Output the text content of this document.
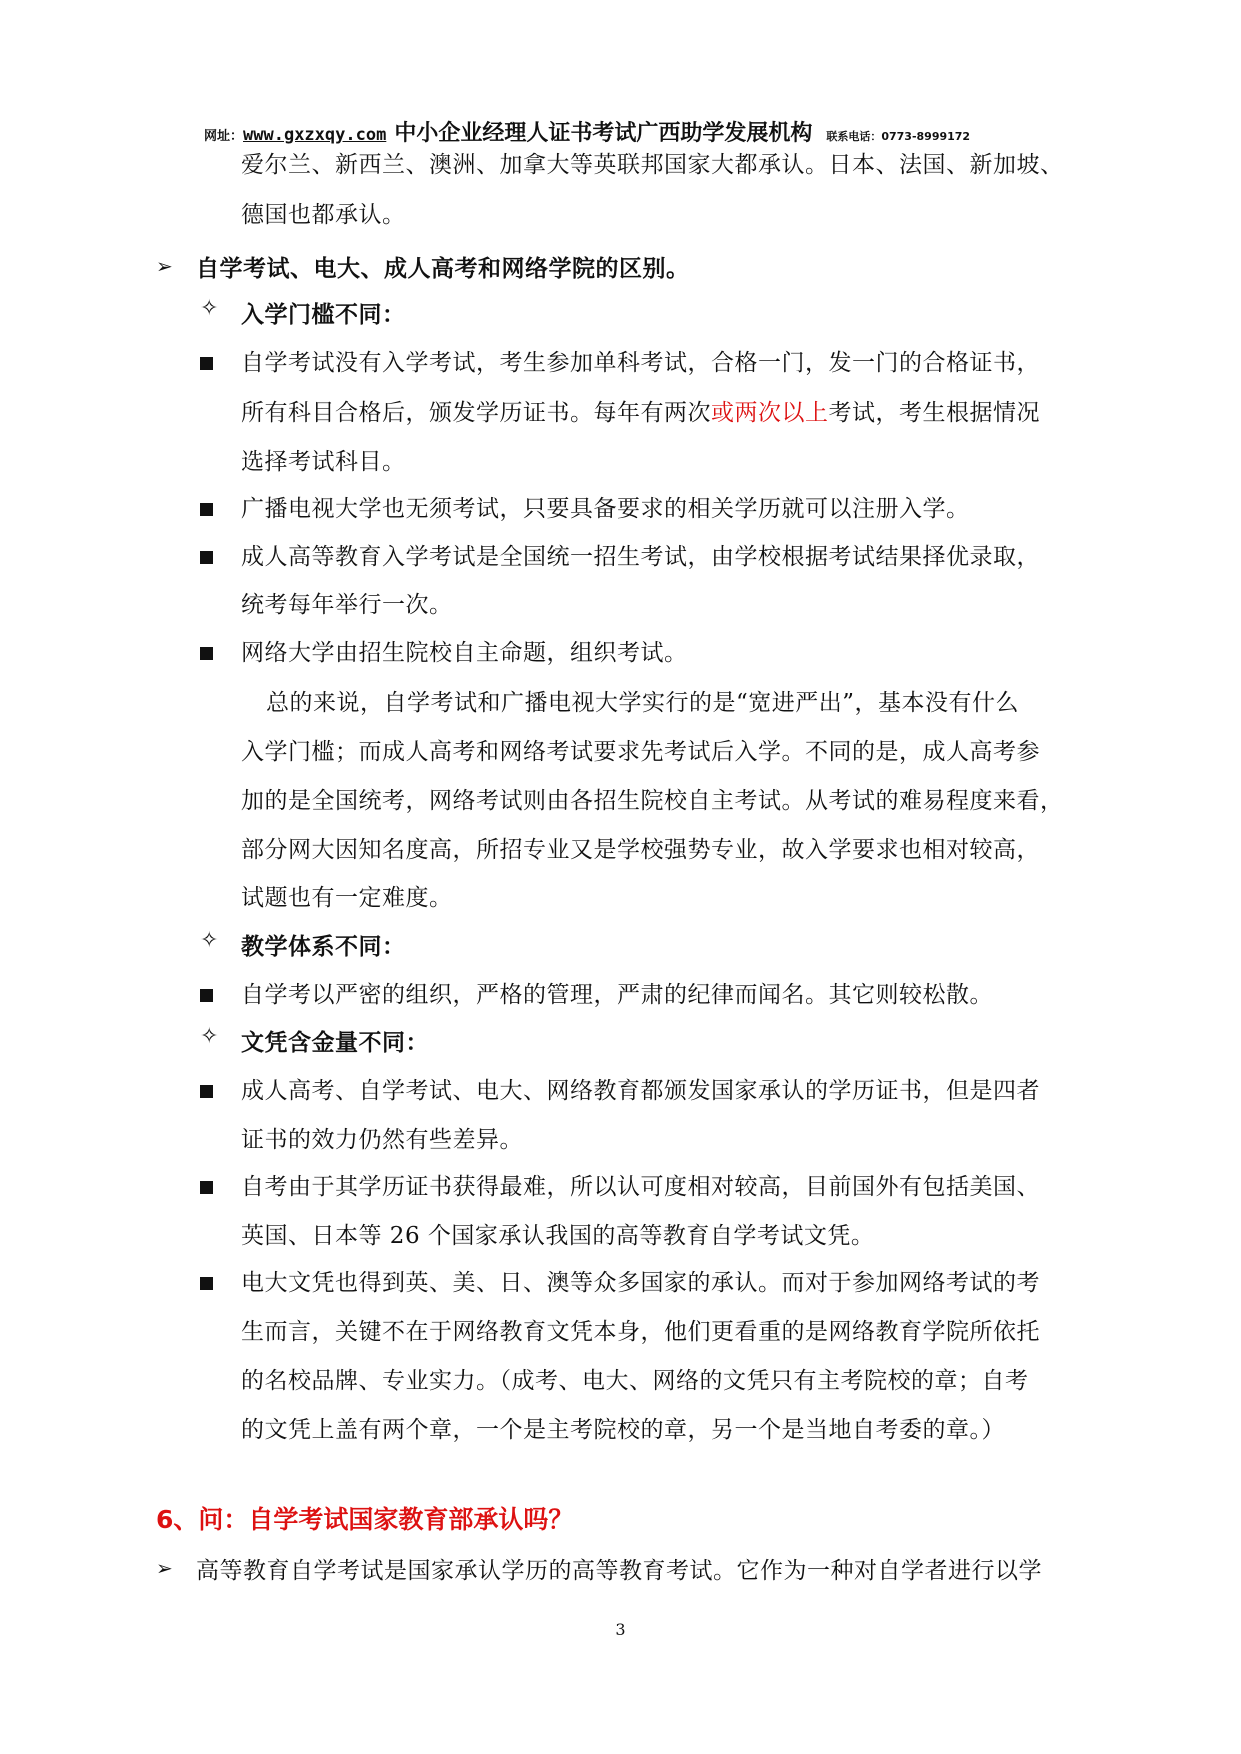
网址：www.gxzxqy.com 中小企业经理人证书考试广西助学发展机构 联系电话：0773-8999172
爱尔兰、新西兰、澳洲、加拿大等英联邦国家大都承认。日本、法国、新加坡、
德国也都承认。
➢ 自学考试、电大、成人高考和网络学院的区别。
✧ 入学门槛不同：
自学考试没有入学考试，考生参加单科考试，合格一门，发一门的合格证书，
所有科目合格后，颁发学历证书。每年有两次或两次以上考试，考生根据情况
选择考试科目。
广播电视大学也无须考试，只要具备要求的相关学历就可以注册入学。
成人高等教育入学考试是全国统一招生考试，由学校根据考试结果择优录取，
统考每年举行一次。
网络大学由招生院校自主命题，组织考试。
总的来说，自学考试和广播电视大学实行的是“宽进严出”，基本没有什么
入学门槛；而成人高考和网络考试要求先考试后入学。不同的是，成人高考参
加的是全国统考，网络考试则由各招生院校自主考试。从考试的难易程度来看，
部分网大因知名度高，所招专业又是学校强势专业，故入学要求也相对较高，
试题也有一定难度。
✧ 教学体系不同：
自学考以严密的组织，严格的管理，严肃的纪律而闻名。其它则较松散。
✧ 文凭含金量不同：
成人高考、自学考试、电大、网络教育都颁发国家承认的学历证书，但是四者
证书的效力仍然有些差异。
自考由于其学历证书获得最难，所以认可度相对较高，目前国外有包括美国、
英国、日本等 26 个国家承认我国的高等教育自学考试文凭。
电大文凭也得到英、美、日、澳等众多国家的承认。而对于参加网络考试的考
生而言，关键不在于网络教育文凭本身，他们更看重的是网络教育学院所依托
的名校品牌、专业实力。（成考、电大、网络的文凭只有主考院校的章；自考
的文凭上盖有两个章，一个是主考院校的章，另一个是当地自考委的章。）
6、问：自学考试国家教育部承认吗？
➢ 高等教育自学考试是国家承认学历的高等教育考试。它作为一种对自学者进行以学
3
